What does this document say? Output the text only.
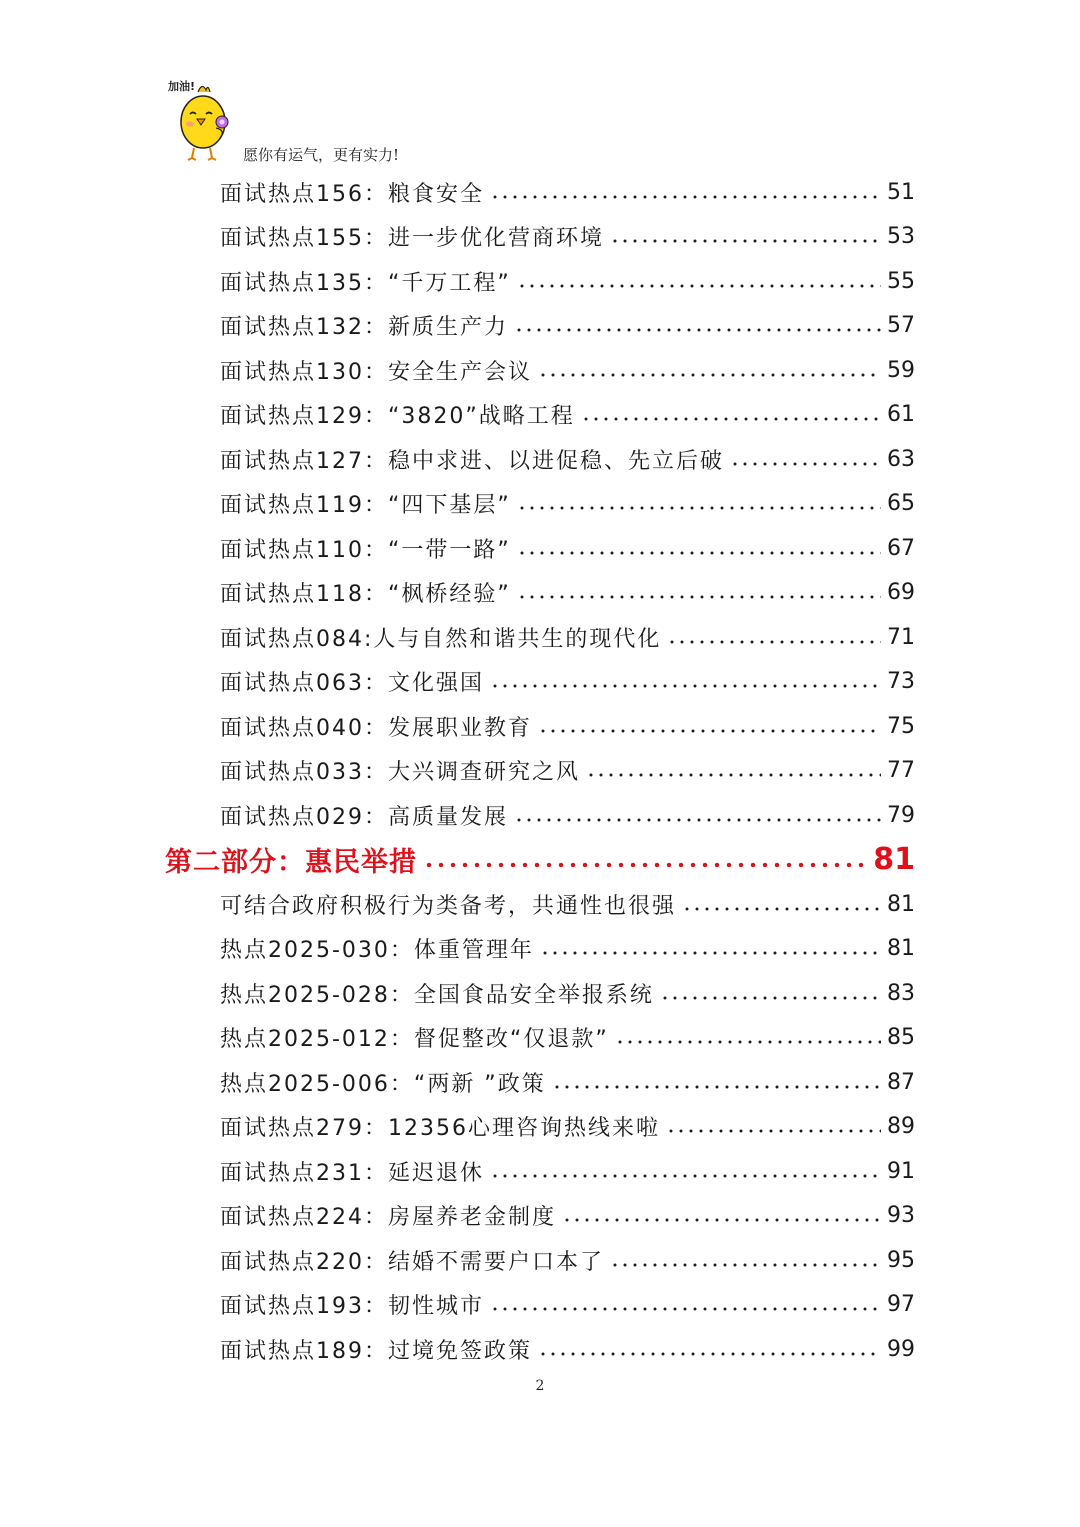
加油!
愿你有运气，更有实力!
面试热点156：粮食安全	51
面试热点155：进一步优化营商环境	53
面试热点135：“千万工程”	55
面试热点132：新质生产力	57
面试热点130：安全生产会议	59
面试热点129：“3820”战略工程	61
面试热点127：稳中求进、以进促稳、先立后破	63
面试热点119：“四下基层”	65
面试热点110：“一带一路”	67
面试热点118：“枫桥经验”	69
面试热点084:人与自然和谐共生的现代化	71
面试热点063：文化强国	73
面试热点040：发展职业教育	75
面试热点033：大兴调查研究之风	77
面试热点029：高质量发展	79
第二部分：惠民举措	81
可结合政府积极行为类备考，共通性也很强	81
热点2025-030：体重管理年	81
热点2025-028：全国食品安全举报系统	83
热点2025-012：督促整改“仅退款”	85
热点2025-006：“两新 ”政策	87
面试热点279：12356心理咨询热线来啦	89
面试热点231：延迟退休	91
面试热点224：房屋养老金制度	93
面试热点220：结婚不需要户口本了	95
面试热点193：韧性城市	97
面试热点189：过境免签政策	99
2
